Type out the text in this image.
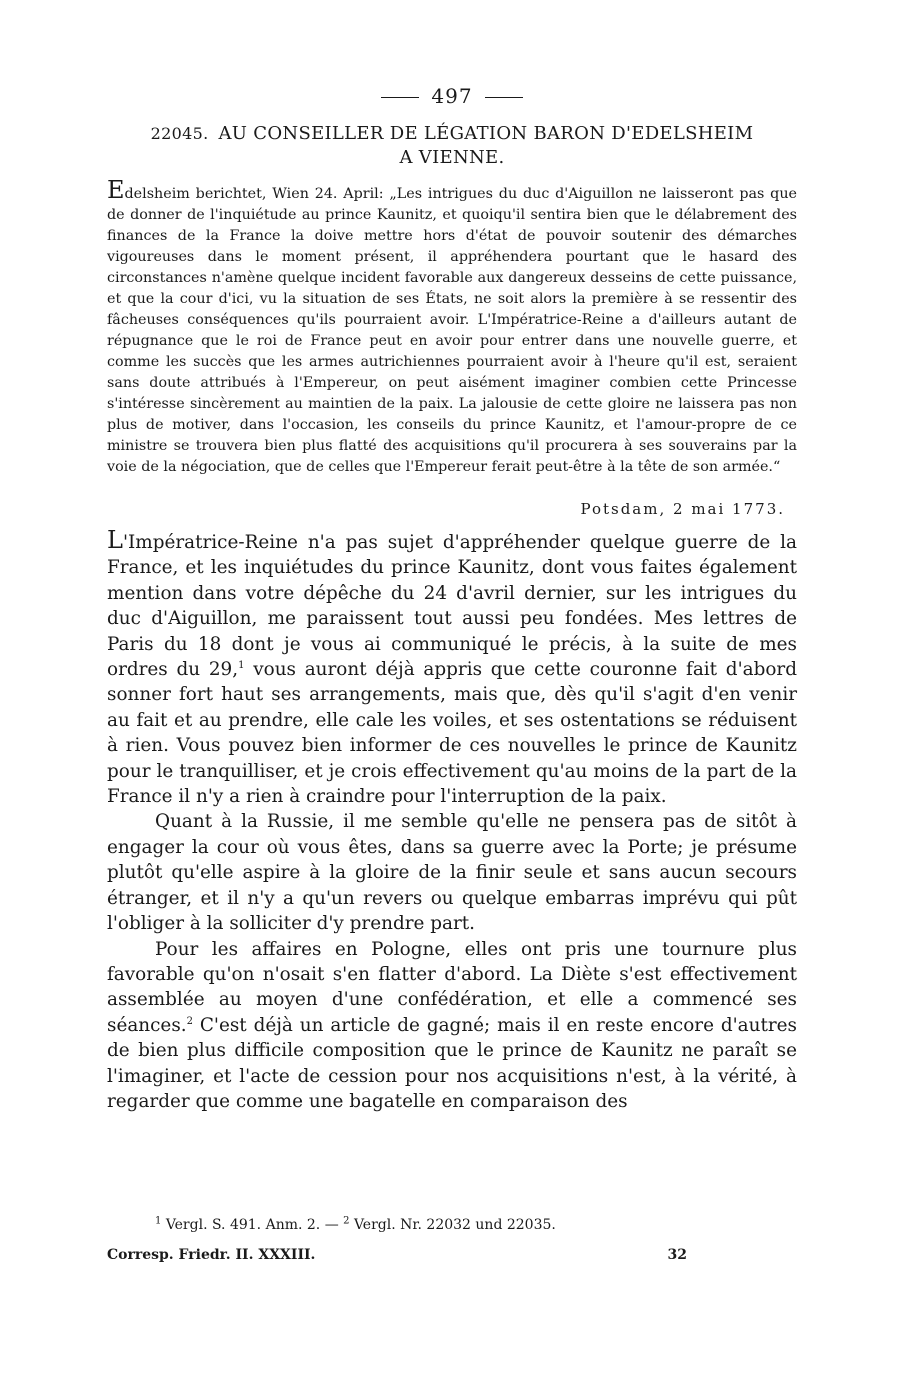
497
22045. AU CONSEILLER DE LÉGATION BARON D'EDELSHEIM
A VIENNE.

Edelsheim berichtet, Wien 24. April: „Les intrigues du duc d'Aiguillon ne laisseront pas que de donner de l'inquiétude au prince Kaunitz, et quoiqu'il sentira bien que le délabrement des finances de la France la doive mettre hors d'état de pouvoir soutenir des démarches vigoureuses dans le moment présent, il appréhendera pourtant que le hasard des circonstances n'amène quelque incident favorable aux dangereux desseins de cette puissance, et que la cour d'ici, vu la situation de ses États, ne soit alors la première à se ressentir des fâcheuses conséquences qu'ils pourraient avoir. L'Impératrice-Reine a d'ailleurs autant de répugnance que le roi de France peut en avoir pour entrer dans une nouvelle guerre, et comme les succès que les armes autrichiennes pourraient avoir à l'heure qu'il est, seraient sans doute attribués à l'Empereur, on peut aisément imaginer combien cette Princesse s'intéresse sincèrement au maintien de la paix. La jalousie de cette gloire ne laissera pas non plus de motiver, dans l'occasion, les conseils du prince Kaunitz, et l'amour-propre de ce ministre se trouvera bien plus flatté des acquisitions qu'il procurera à ses souverains par la voie de la négociation, que de celles que l'Empereur ferait peut-être à la tête de son armée.“

Potsdam, 2 mai 1773.

L'Impératrice-Reine n'a pas sujet d'appréhender quelque guerre de la France, et les inquiétudes du prince Kaunitz, dont vous faites également mention dans votre dépêche du 24 d'avril dernier, sur les intrigues du duc d'Aiguillon, me paraissent tout aussi peu fondées. Mes lettres de Paris du 18 dont je vous ai communiqué le précis, à la suite de mes ordres du 29,$^1$ vous auront déjà appris que cette couronne fait d'abord sonner fort haut ses arrangements, mais que, dès qu'il s'agit d'en venir au fait et au prendre, elle cale les voiles, et ses ostentations se réduisent à rien. Vous pouvez bien informer de ces nouvelles le prince de Kaunitz pour le tranquilliser, et je crois effectivement qu'au moins de la part de la France il n'y a rien à craindre pour l'interruption de la paix.

Quant à la Russie, il me semble qu'elle ne pensera pas de sitôt à engager la cour où vous êtes, dans sa guerre avec la Porte; je présume plutôt qu'elle aspire à la gloire de la finir seule et sans aucun secours étranger, et il n'y a qu'un revers ou quelque embarras imprévu qui pût l'obliger à la solliciter d'y prendre part.

Pour les affaires en Pologne, elles ont pris une tournure plus favorable qu'on n'osait s'en flatter d'abord. La Diète s'est effectivement assemblée au moyen d'une confédération, et elle a commencé ses séances.$^2$ C'est déjà un article de gagné; mais il en reste encore d'autres de bien plus difficile composition que le prince de Kaunitz ne paraît se l'imaginer, et l'acte de cession pour nos acquisitions n'est, à la vérité, à regarder que comme une bagatelle en comparaison des

$^1$ Vergl. S. 491. Anm. 2. — $^2$ Vergl. Nr. 22032 und 22035.
Corresp. Friedr. II. XXXIII.	32
